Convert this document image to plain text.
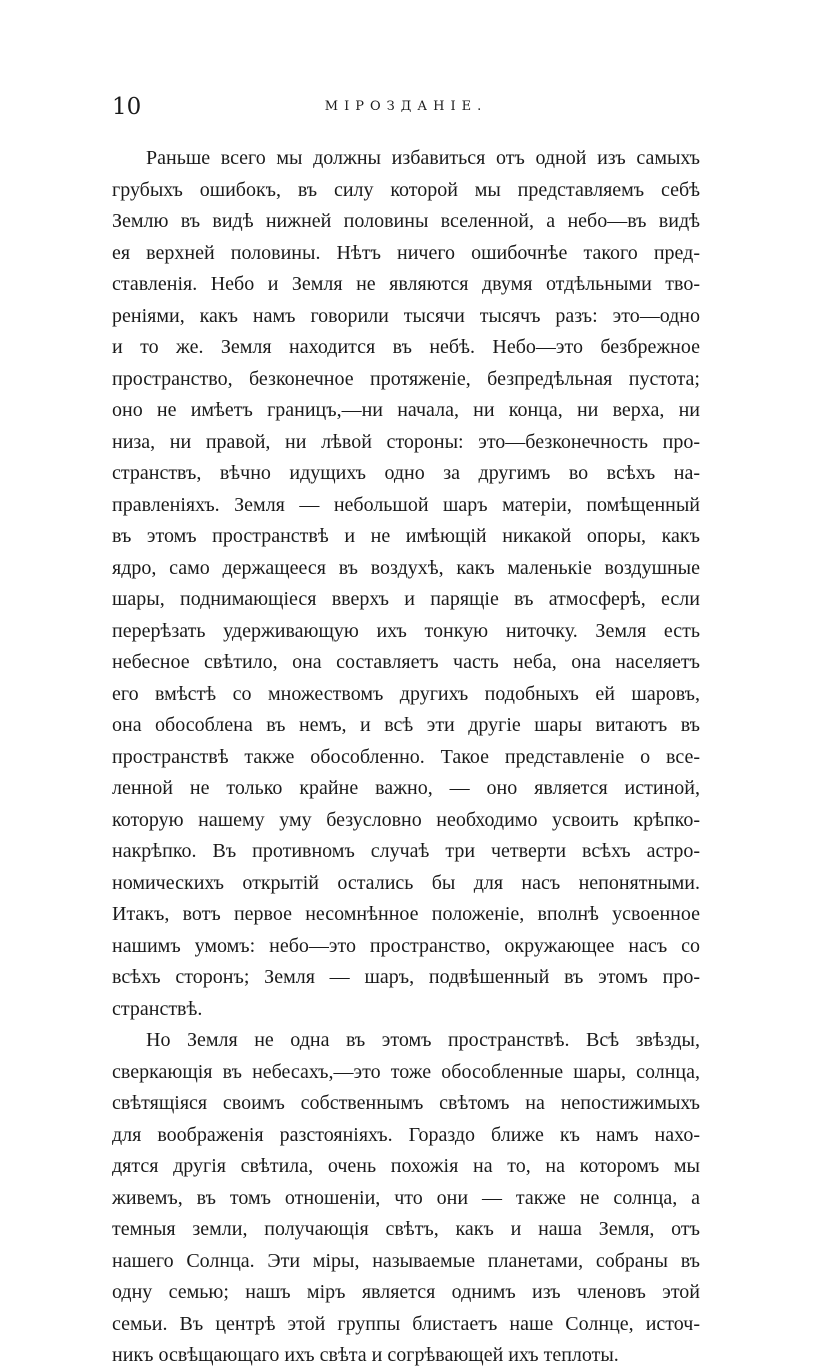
10	МІРОЗДАНІЕ.
Раньше всего мы должны избавиться отъ одной изъ самыхъ
грубыхъ ошибокъ, въ силу которой мы представляемъ себѣ
Землю въ видѣ нижней половины вселенной, а небо—въ видѣ
ея верхней половины. Нѣтъ ничего ошибочнѣе такого пред-
ставленія. Небо и Земля не являются двумя отдѣльными тво-
реніями, какъ намъ говорили тысячи тысячъ разъ: это—одно
и то же. Земля находится въ небѣ. Небо—это безбрежное
пространство, безконечное протяженіе, безпредѣльная пустота;
оно не имѣетъ границъ,—ни начала, ни конца, ни верха, ни
низа, ни правой, ни лѣвой стороны: это—безконечность про-
странствъ, вѣчно идущихъ одно за другимъ во всѣхъ на-
правленіяхъ. Земля — небольшой шаръ матеріи, помѣщенный
въ этомъ пространствѣ и не имѣющій никакой опоры, какъ
ядро, само держащееся въ воздухѣ, какъ маленькіе воздушные
шары, поднимающіеся вверхъ и парящіе въ атмосферѣ, если
перерѣзать удерживающую ихъ тонкую ниточку. Земля есть
небесное свѣтило, она составляетъ часть неба, она населяетъ
его вмѣстѣ со множествомъ другихъ подобныхъ ей шаровъ,
она обособлена въ немъ, и всѣ эти другіе шары витаютъ въ
пространствѣ также обособленно. Такое представленіе о все-
ленной не только крайне важно, — оно является истиной,
которую нашему уму безусловно необходимо усвоить крѣпко-
накрѣпко. Въ противномъ случаѣ три четверти всѣхъ астро-
номическихъ открытій остались бы для насъ непонятными.
Итакъ, вотъ первое несомнѣнное положеніе, вполнѣ усвоенное
нашимъ умомъ: небо—это пространство, окружающее насъ со
всѣхъ сторонъ; Земля — шаръ, подвѣшенный въ этомъ про-
странствѣ.
Но Земля не одна въ этомъ пространствѣ. Всѣ звѣзды,
сверкающія въ небесахъ,—это тоже обособленные шары, солнца,
свѣтящіяся своимъ собственнымъ свѣтомъ на непостижимыхъ
для воображенія разстояніяхъ. Гораздо ближе къ намъ нахо-
дятся другія свѣтила, очень похожія на то, на которомъ мы
живемъ, въ томъ отношеніи, что они — также не солнца, а
темныя земли, получающія свѣтъ, какъ и наша Земля, отъ
нашего Солнца. Эти міры, называемые планетами, собраны въ
одну семью; нашъ міръ является однимъ изъ членовъ этой
семьи. Въ центрѣ этой группы блистаетъ наше Солнце, источ-
никъ освѣщающаго ихъ свѣта и согрѣвающей ихъ теплоты.
